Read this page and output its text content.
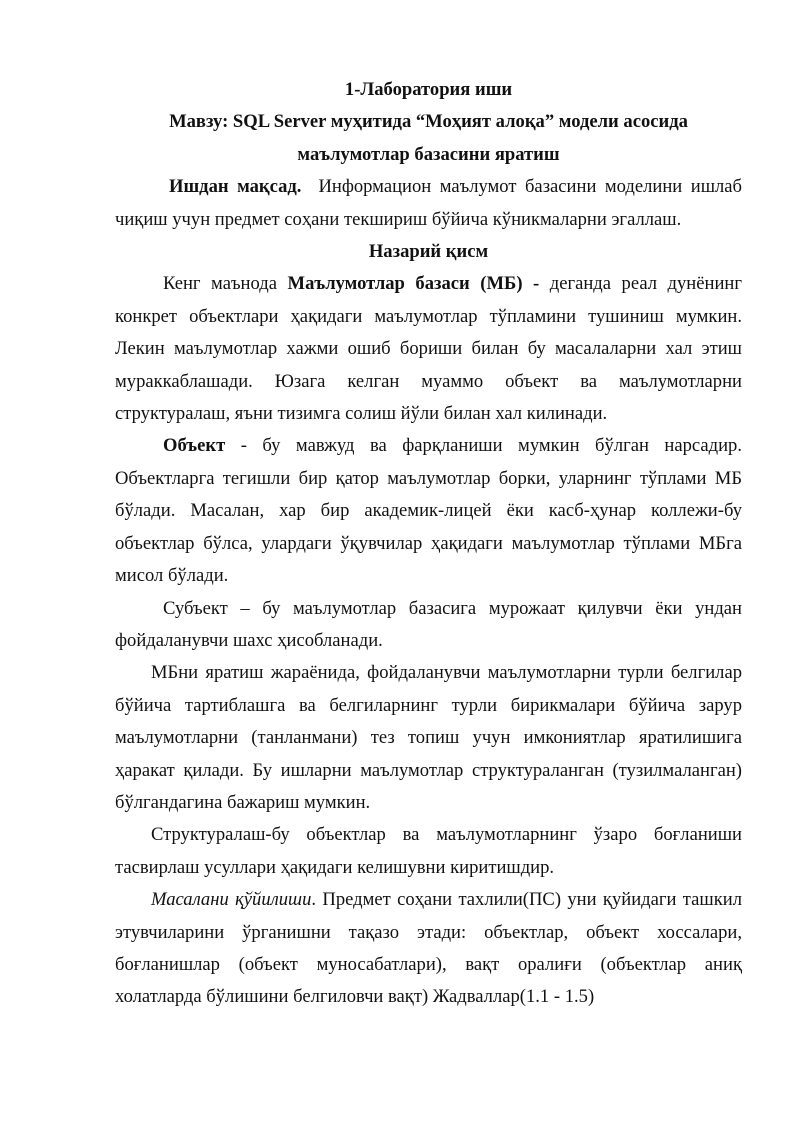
1-Лаборатория иши

Мавзу: SQL Server муҳитида “Моҳият алоқа” модели асосида

маълумотлар базасини яратиш

Ишдан мақсад. Информацион маълумот базасини моделини ишлаб чиқиш учун предмет соҳани текшириш бўйича кўникмаларни эгаллаш.

Назарий қисм

Кенг маънода Маълумотлар базаси (МБ) - деганда реал дунёнинг конкрет объектлари ҳақидаги маълумотлар тўпламини тушиниш мумкин. Лекин маълумотлар хажми ошиб бориши билан бу масалаларни хал этиш мураккаблашади. Юзага келган муаммо объект ва маълумотларни структуралаш, яъни тизимга солиш йўли билан хал килинади.

Объект - бу мавжуд ва фарқланиши мумкин бўлган нарсадир. Объектларга тегишли бир қатор маълумотлар борки, уларнинг тўплами МБ бўлади. Масалан, хар бир академик-лицей ёки касб-ҳунар коллежи-бу объектлар бўлса, улардаги ўқувчилар ҳақидаги маълумотлар тўплами МБга мисол бўлади.

Субъект – бу маълумотлар базасига мурожаат қилувчи ёки ундан фойдаланувчи шахс ҳисобланади.

МБни яратиш жараёнида, фойдаланувчи маълумотларни турли белгилар бўйича тартиблашга ва белгиларнинг турли бирикмалари бўйича зарур маълумотларни (танланмани) тез топиш учун имкониятлар яратилишига ҳаракат қилади. Бу ишларни маълумотлар структураланган (тузилмаланган) бўлгандагина бажариш мумкин.

Структуралаш-бу объектлар ва маълумотларнинг ўзаро боғланиши тасвирлаш усуллари ҳақидаги келишувни киритишдир.

Масалани қўйилиши. Предмет соҳани тахлили(ПС) уни қуйидаги ташкил этувчиларини ўрганишни тақазо этади: объектлар, объект хоссалари, боғланишлар (объект муносабатлари), вақт оралиғи (объектлар аниқ холатларда бўлишини белгиловчи вақт) Жадваллар(1.1 - 1.5)
